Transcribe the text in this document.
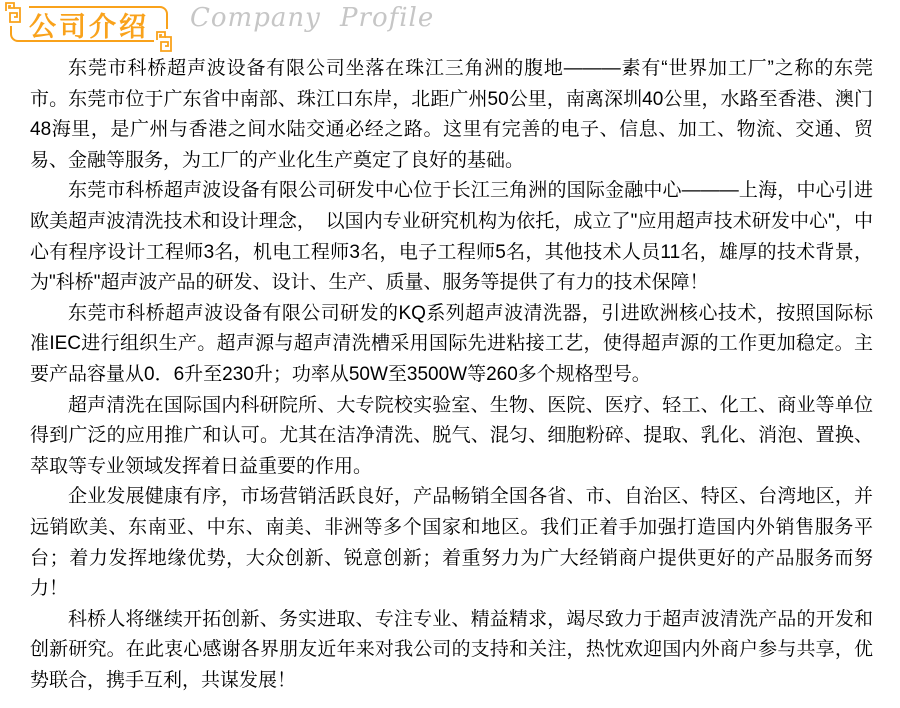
公司介绍 Company Profile

东莞市科桥超声波设备有限公司坐落在珠江三角洲的腹地———素有“世界加工厂”之称的东莞市。东莞市位于广东省中南部、珠江口东岸，北距广州50公里，南离深圳40公里，水路至香港、澳门48海里，是广州与香港之间水陆交通必经之路。这里有完善的电子、信息、加工、物流、交通、贸易、金融等服务，为工厂的产业化生产奠定了良好的基础。

东莞市科桥超声波设备有限公司研发中心位于长江三角洲的国际金融中心———上海，中心引进欧美超声波清洗技术和设计理念，　以国内专业研究机构为依托，成立了"应用超声技术研发中心"，中心有程序设计工程师3名，机电工程师3名，电子工程师5名，其他技术人员11名，雄厚的技术背景，为"科桥"超声波产品的研发、设计、生产、质量、服务等提供了有力的技术保障！

东莞市科桥超声波设备有限公司研发的KQ系列超声波清洗器，引进欧洲核心技术，按照国际标准IEC进行组织生产。超声源与超声清洗槽采用国际先进粘接工艺，使得超声源的工作更加稳定。主要产品容量从0．6升至230升；功率从50W至3500W等260多个规格型号。

超声清洗在国际国内科研院所、大专院校实验室、生物、医院、医疗、轻工、化工、商业等单位得到广泛的应用推广和认可。尤其在洁净清洗、脱气、混匀、细胞粉碎、提取、乳化、消泡、置换、萃取等专业领域发挥着日益重要的作用。

企业发展健康有序，市场营销活跃良好，产品畅销全国各省、市、自治区、特区、台湾地区，并远销欧美、东南亚、中东、南美、非洲等多个国家和地区。我们正着手加强打造国内外销售服务平台；着力发挥地缘优势，大众创新、锐意创新；着重努力为广大经销商户提供更好的产品服务而努力！

科桥人将继续开拓创新、务实进取、专注专业、精益精求，竭尽致力于超声波清洗产品的开发和创新研究。在此衷心感谢各界朋友近年来对我公司的支持和关注，热忱欢迎国内外商户参与共享，优势联合，携手互利，共谋发展！
